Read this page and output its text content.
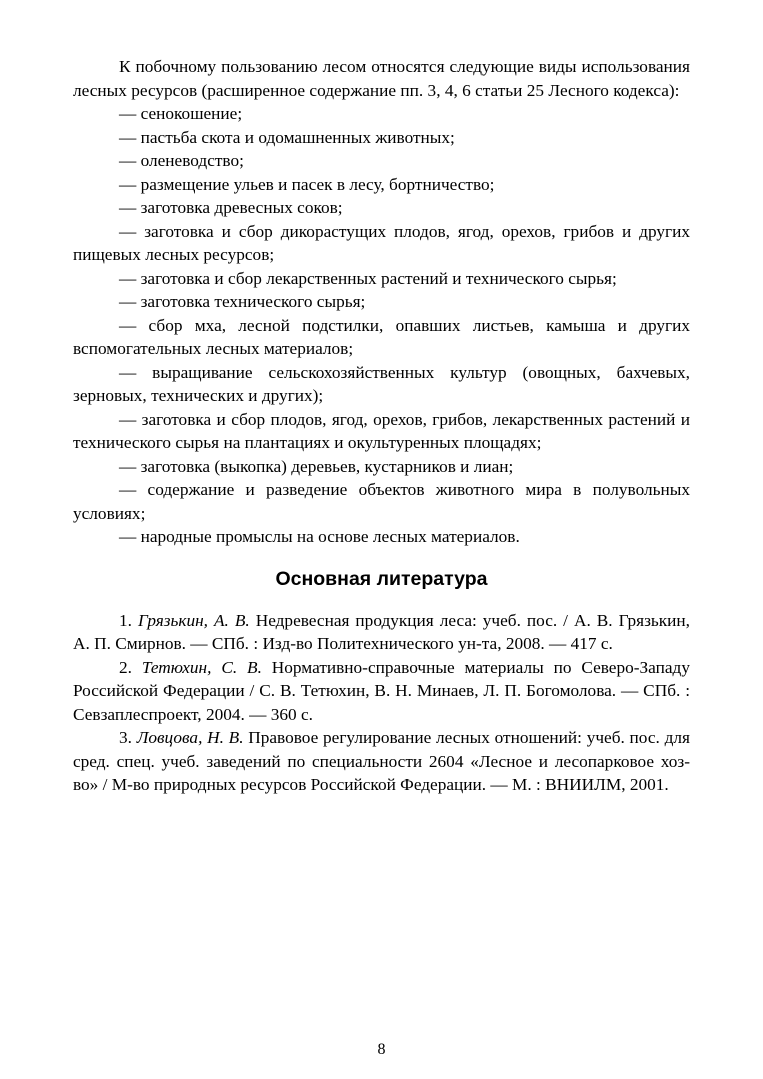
К побочному пользованию лесом относятся следующие виды использования лесных ресурсов (расширенное содержание пп. 3, 4, 6 статьи 25 Лесного кодекса):

— сенокошение;

— пастьба скота и одомашненных животных;

— оленеводство;

— размещение ульев и пасек в лесу, бортничество;

— заготовка древесных соков;

— заготовка и сбор дикорастущих плодов, ягод, орехов, грибов и других пищевых лесных ресурсов;

— заготовка и сбор лекарственных растений и технического сырья;

— заготовка технического сырья;

— сбор мха, лесной подстилки, опавших листьев, камыша и других вспомогательных лесных материалов;

— выращивание сельскохозяйственных культур (овощных, бахчевых, зерновых, технических и других);

— заготовка и сбор плодов, ягод, орехов, грибов, лекарственных растений и технического сырья на плантациях и окультуренных площадях;

— заготовка (выкопка) деревьев, кустарников и лиан;

— содержание и разведение объектов животного мира в полувольных условиях;

— народные промыслы на основе лесных материалов.

Основная литература

1. Грязькин, А. В. Недревесная продукция леса: учеб. пос. / А. В. Грязькин, А. П. Смирнов. — СПб. : Изд-во Политехнического ун-та, 2008. — 417 с.

2. Тетюхин, С. В. Нормативно-справочные материалы по Северо-Западу Российской Федерации / С. В. Тетюхин, В. Н. Минаев, Л. П. Богомолова. — СПб. : Севзаплеспроект, 2004. — 360 с.

3. Ловцова, Н. В. Правовое регулирование лесных отношений: учеб. пос. для сред. спец. учеб. заведений по специальности 2604 «Лесное и лесопарковое хоз-во» / М-во природных ресурсов Российской Федерации. — М. : ВНИИЛМ, 2001.

8
